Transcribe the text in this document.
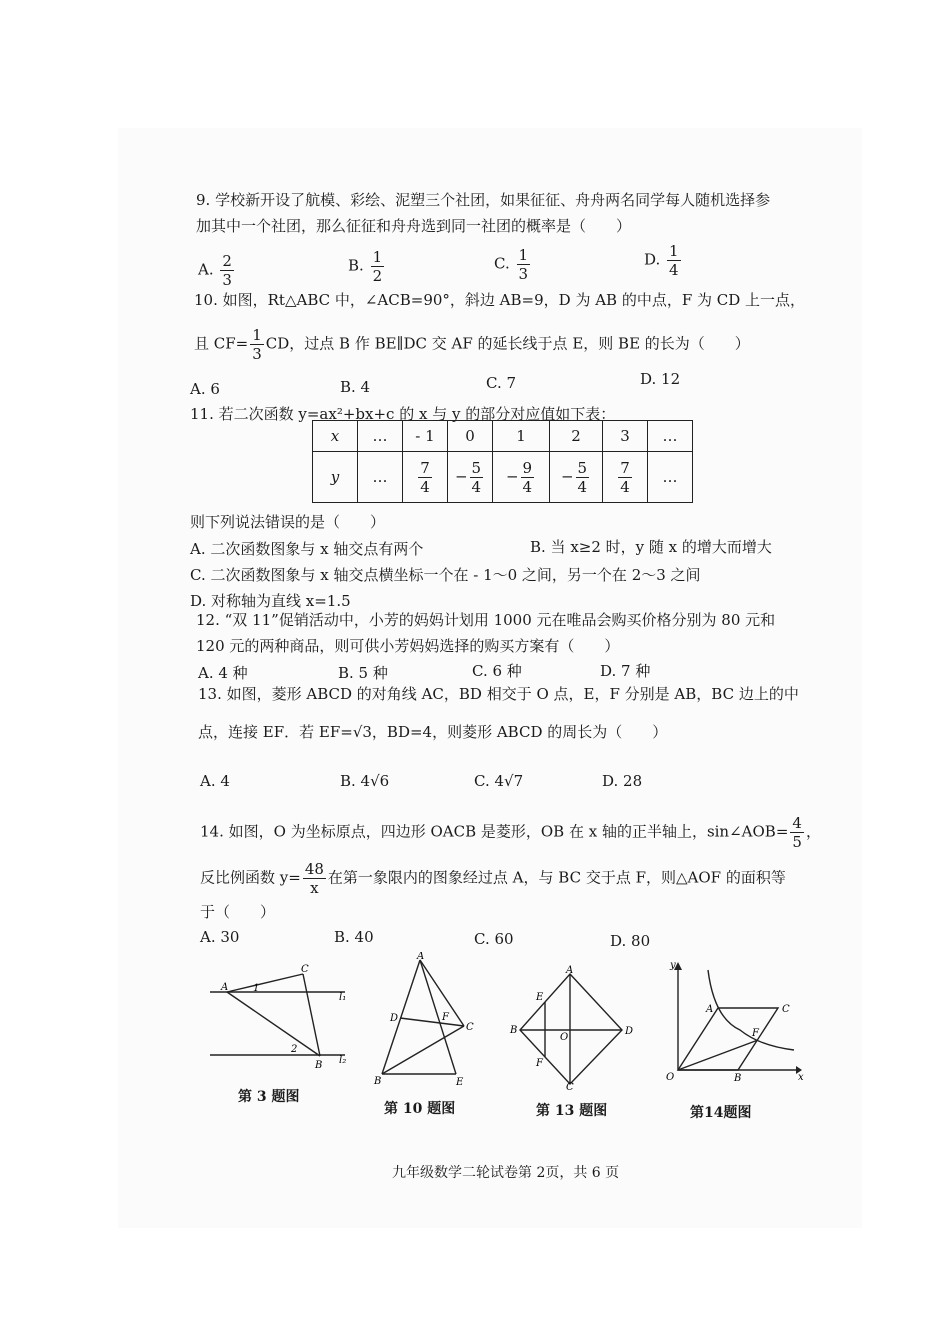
9. 学校新开设了航模、彩绘、泥塑三个社团，如果征征、舟舟两名同学每人随机选择参
加其中一个社团，那么征征和舟舟选到同一社团的概率是（　　）
A. $\frac{2}{3}$	B. $\frac{1}{2}$	C. $\frac{1}{3}$	D. $\frac{1}{4}$
10. 如图，Rt△ABC 中，∠ACB=90°，斜边 AB=9，D 为 AB 的中点，F 为 CD 上一点，
且 $CF= \frac{1}{3}$ CD，过点 B 作 BE∥DC 交 AF 的延长线于点 E，则 BE 的长为（　　）
A. 6	B. 4	C. 7	D. 12
11. 若二次函数 y=ax²+bx+c 的 x 与 y 的部分对应值如下表：
x	…	- 1	0	1	2	3	…
y	…	$\frac{7}{4}$	− $\frac{5}{4}$	− $\frac{9}{4}$	− $\frac{5}{4}$	$\frac{7}{4}$	…
则下列说法错误的是（　　）
A. 二次函数图象与 x 轴交点有两个	B. 当 x≥2 时，y 随 x 的增大而增大
C. 二次函数图象与 x 轴交点横坐标一个在 - 1～0 之间，另一个在 2～3 之间
D. 对称轴为直线 x=1.5
12. “双 11”促销活动中，小芳的妈妈计划用 1000 元在唯品会购买价格分别为 80 元和
120 元的两种商品，则可供小芳妈妈选择的购买方案有（　　）
A. 4 种	B. 5 种	C. 6 种	D. 7 种
13. 如图，菱形 ABCD 的对角线 AC，BD 相交于 O 点，E，F 分别是 AB，BC 边上的中
点，连接 EF．若 EF=√3，BD=4，则菱形 ABCD 的周长为（　　）
A. 4	B. 4√6	C. 4√7	D. 28
14. 如图，O 为坐标原点，四边形 OACB 是菱形，OB 在 x 轴的正半轴上，sin∠AOB= $\frac{4}{5}$ ，
反比例函数 $y= \frac{48}{x}$ 在第一象限内的图象经过点 A，与 BC 交于点 F，则△AOF 的面积等
于（　　）
A. 30	B. 40	C. 60	D. 80
A
C
l₁
1
2
B l₂
A
D	F
C
B	E
A
E
B
O
D
F
C
y
A	C
F
O	B	x
第 3 题图
第 10 题图	第 13 题图	第14题图
九年级数学二轮试卷第 2页，共 6 页
